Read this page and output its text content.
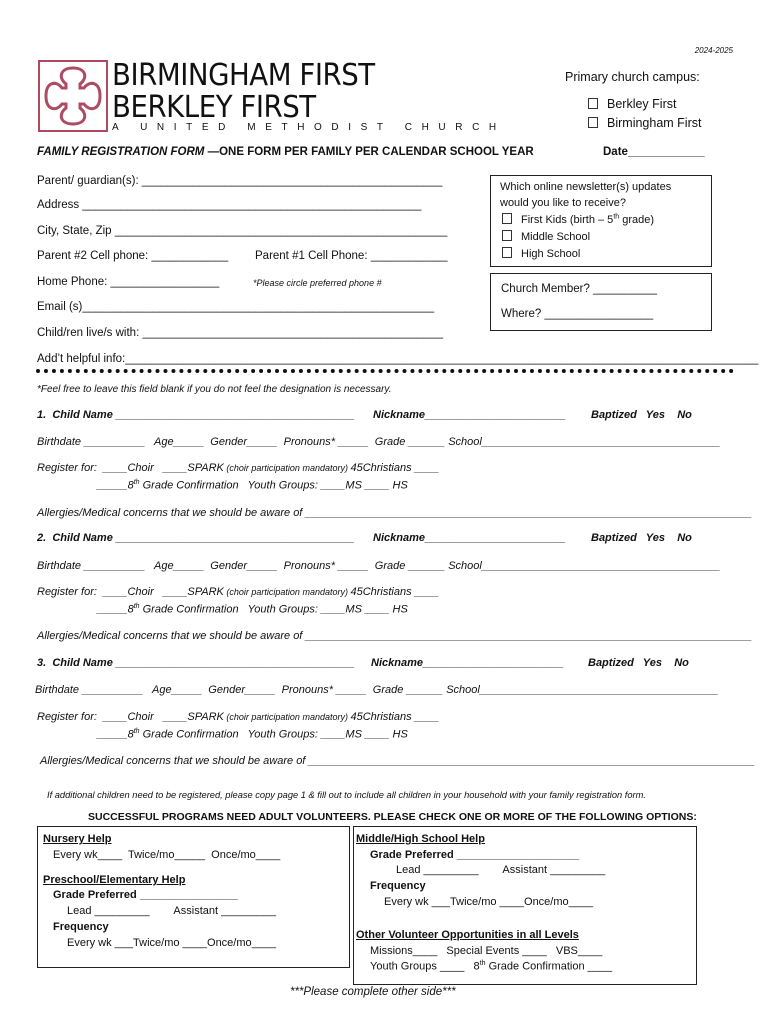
2024-2025
BIRMINGHAM FIRST
BERKLEY FIRST
A UNITED METHODIST CHURCH
Primary church campus:
Berkley First
Birmingham First
FAMILY REGISTRATION FORM —ONE FORM PER FAMILY PER CALENDAR SCHOOL YEAR	Date____________
Parent/ guardian(s): _______________________________________________
Address _____________________________________________________
City, State, Zip ____________________________________________________
Parent #2 Cell phone: ____________ Parent #1 Cell Phone: ____________
Home Phone: _________________	*Please circle preferred phone #
Email (s)_______________________________________________________
Child/ren live/s with: _______________________________________________
Which online newsletter(s) updates
would you like to receive?
First Kids (birth – 5th grade)
Middle School
High School
Church Member? __________
Where? _________________
Add’t helpful info:___________________________________________________________________________________________________
*Feel free to leave this field blank if you do not feel the designation is necessary.
1. Child Name _______________________________________ Nickname_______________________ Baptized   Yes    No
Birthdate __________   Age_____  Gender_____  Pronouns* _____  Grade ______ School_______________________________________
Register for:  ____Choir   ____SPARK (choir participation mandatory) 45Christians ____
_____8th Grade Confirmation   Youth Groups: ____MS ____ HS
Allergies/Medical concerns that we should be aware of _________________________________________________________________________
2. Child Name _______________________________________ Nickname_______________________ Baptized   Yes    No
Birthdate __________   Age_____  Gender_____  Pronouns* _____  Grade ______ School_______________________________________
Register for:  ____Choir   ____SPARK (choir participation mandatory) 45Christians ____
_____8th Grade Confirmation   Youth Groups: ____MS ____ HS
Allergies/Medical concerns that we should be aware of _________________________________________________________________________
3. Child Name _______________________________________ Nickname_______________________ Baptized   Yes    No
Birthdate __________   Age_____  Gender_____  Pronouns* _____  Grade ______ School_______________________________________
Register for:  ____Choir   ____SPARK (choir participation mandatory) 45Christians ____
_____8th Grade Confirmation   Youth Groups: ____MS ____ HS
Allergies/Medical concerns that we should be aware of _________________________________________________________________________
If additional children need to be registered, please copy page 1 & fill out to include all children in your household with your family registration form.
SUCCESSFUL PROGRAMS NEED ADULT VOLUNTEERS. PLEASE CHECK ONE OR MORE OF THE FOLLOWING OPTIONS:
Nursery Help
Every wk____  Twice/mo_____  Once/mo____
Preschool/Elementary Help
Grade Preferred ________________
Lead _________        Assistant _________
Frequency
Every wk ___Twice/mo ____Once/mo____
Middle/High School Help
Grade Preferred ____________________
Lead _________        Assistant _________
Frequency
Every wk ___Twice/mo ____Once/mo____
Other Volunteer Opportunities in all Levels
Missions____   Special Events ____   VBS____
Youth Groups ____   8th Grade Confirmation ____
***Please complete other side***
